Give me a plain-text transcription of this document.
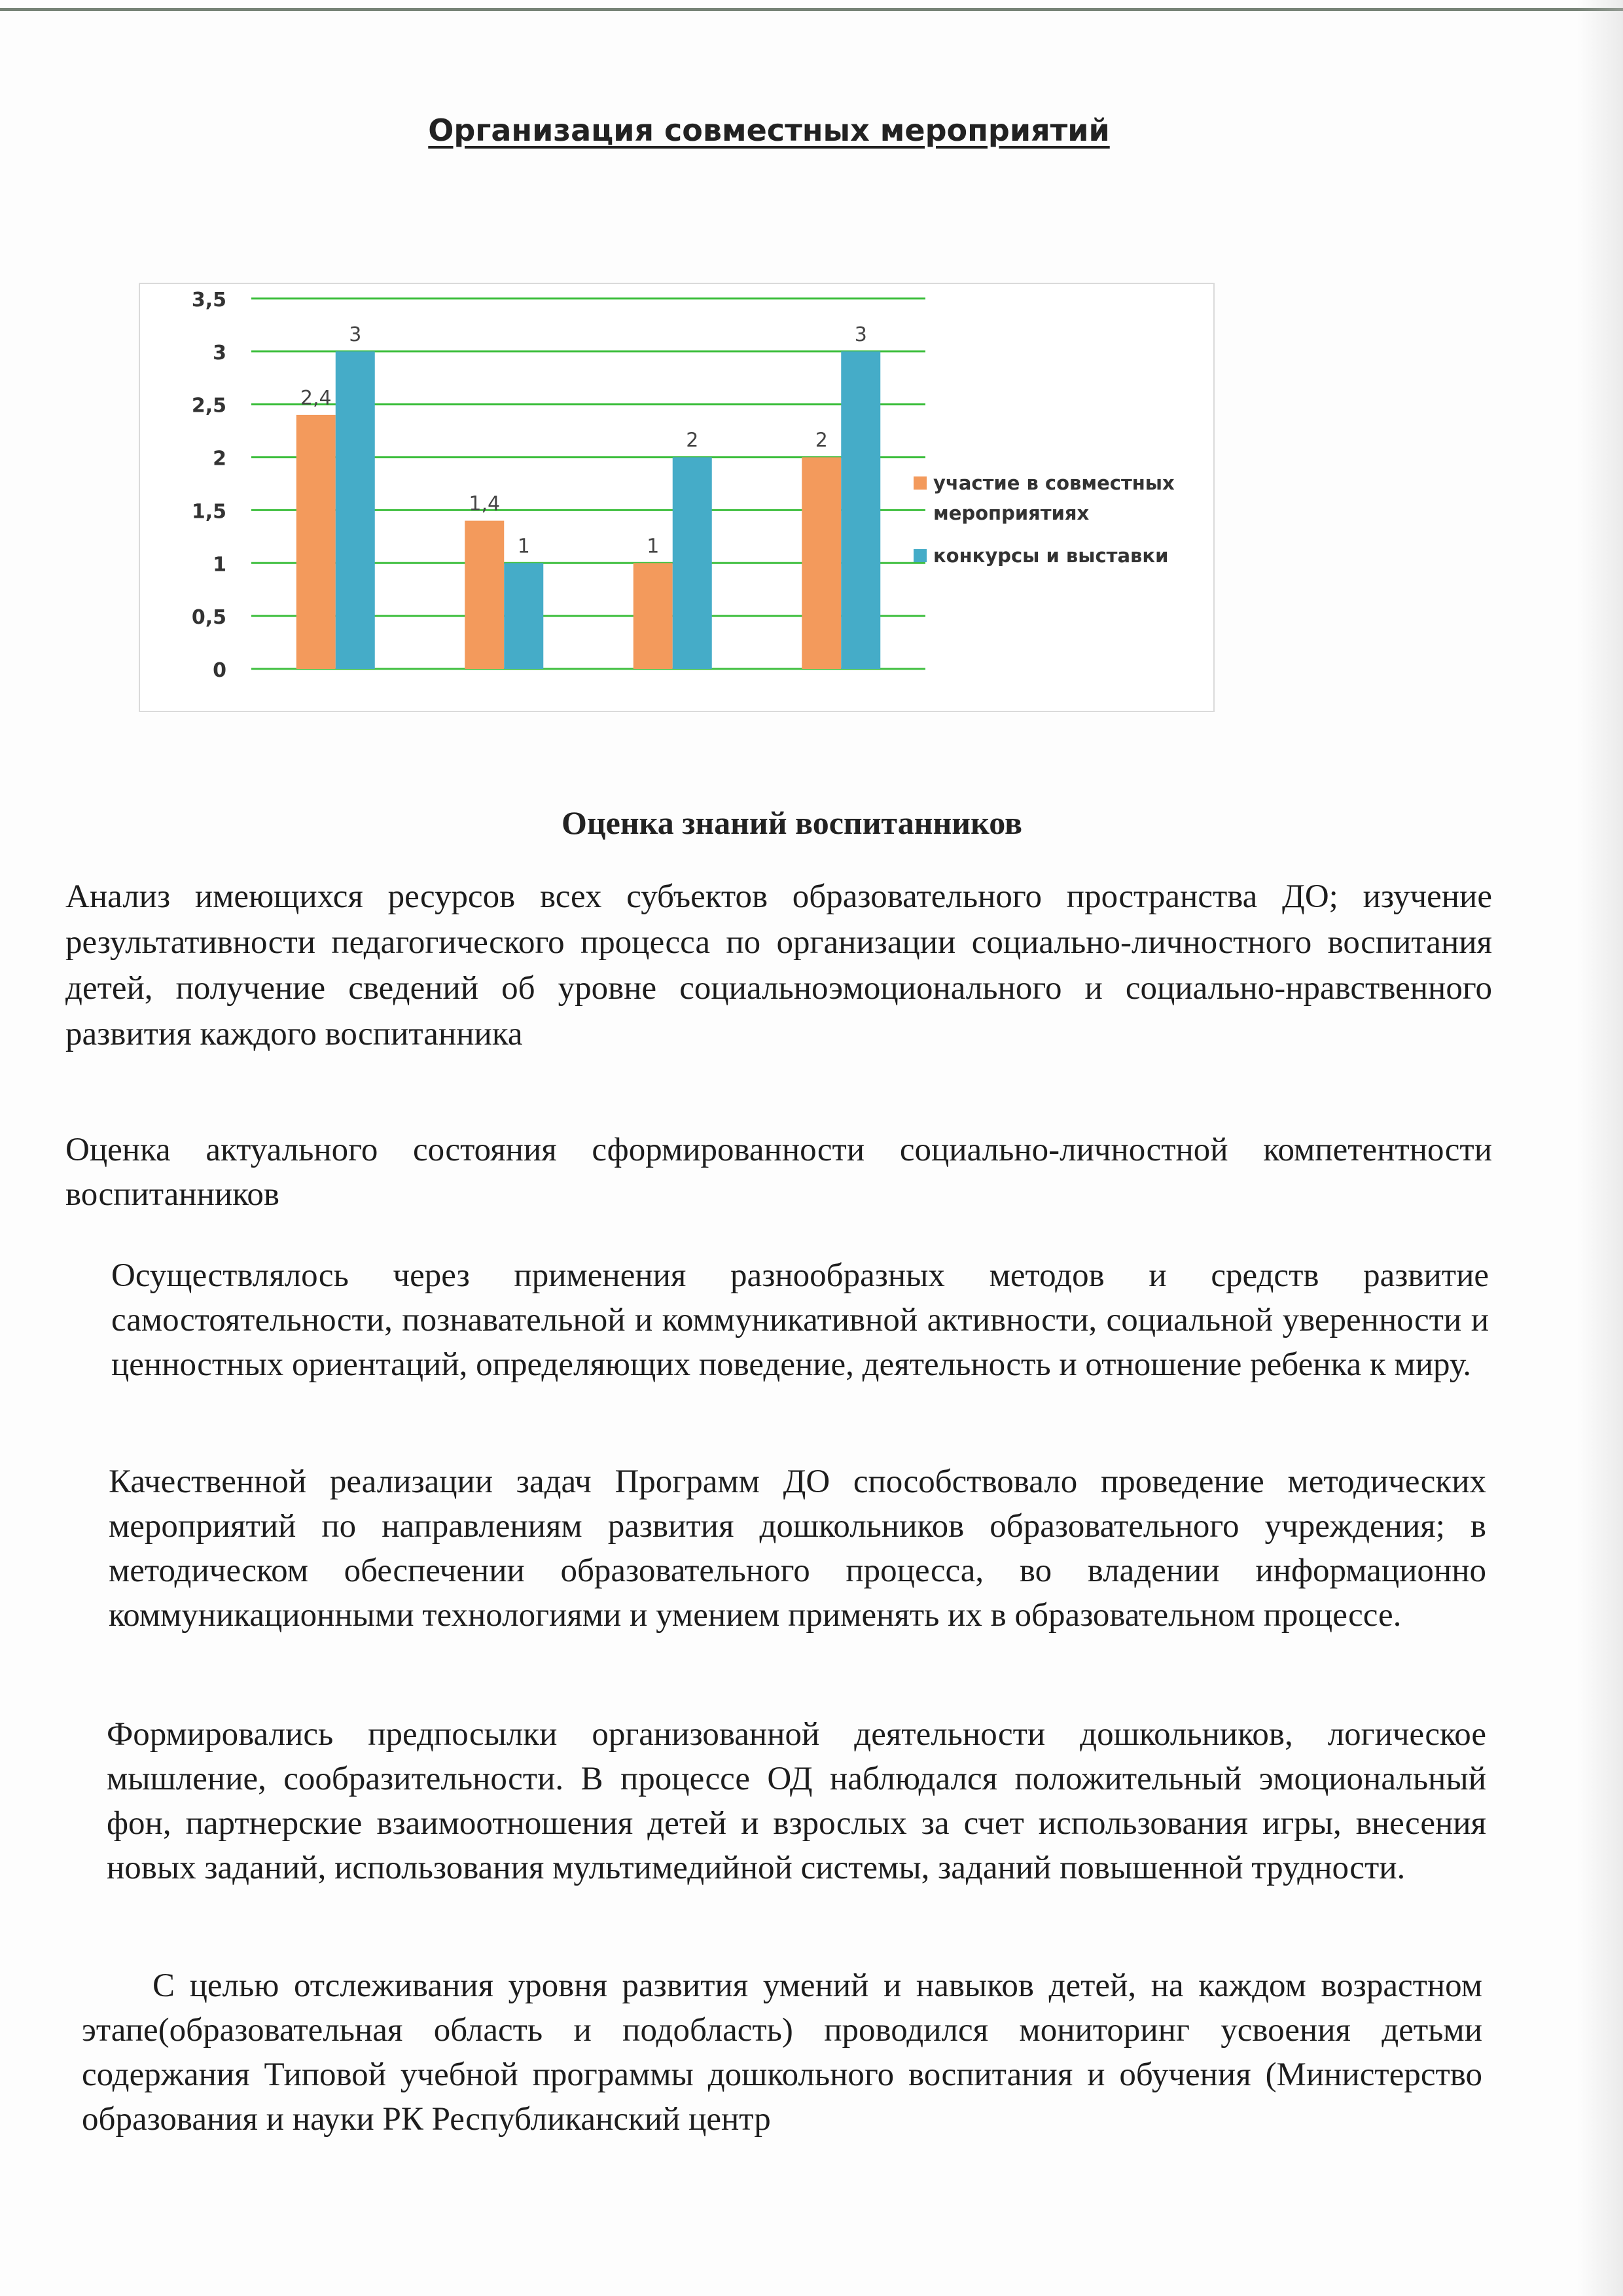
Организация совместных мероприятий
0
0,5
1
1,5
2
2,5
3
3,5
2,4
3
1,4
1	1
2	2
3
участие в совместных мероприятиях
конкурсы и выставки
Оценка знаний воспитанников
Анализ имеющихся ресурсов всех субъектов образовательного пространства ДО; изучение результативности педагогического процесса по организации социально-личностного воспитания детей, получение сведений об уровне социальноэмоционального и социально-нравственного развития каждого воспитанника
Оценка актуального состояния сформированности социально-личностной компетентности воспитанников
Осуществлялось через применения разнообразных методов и средств развитие самостоятельности, познавательной и коммуникативной активности, социальной уверенности и ценностных ориентаций, определяющих поведение, деятельность и отношение ребенка к миру.
Качественной реализации задач Программ ДО способствовало проведение методических мероприятий по направлениям развития дошкольников образовательного учреждения; в методическом обеспечении образовательного процесса, во владении информационно коммуникационными технологиями и умением применять их в образовательном процессе.
Формировались предпосылки организованной деятельности дошкольников, логическое мышление, сообразительности. В процессе ОД наблюдался положительный эмоциональный фон, партнерские взаимоотношения детей и взрослых за счет использования игры, внесения новых заданий, использования мультимедийной системы, заданий повышенной трудности.
С целью отслеживания уровня развития умений и навыков детей, на каждом возрастном этапе(образовательная область и подобласть) проводился мониторинг усвоения детьми содержания Типовой учебной программы дошкольного воспитания и обучения (Министерство образования и науки РК Республиканский центр
